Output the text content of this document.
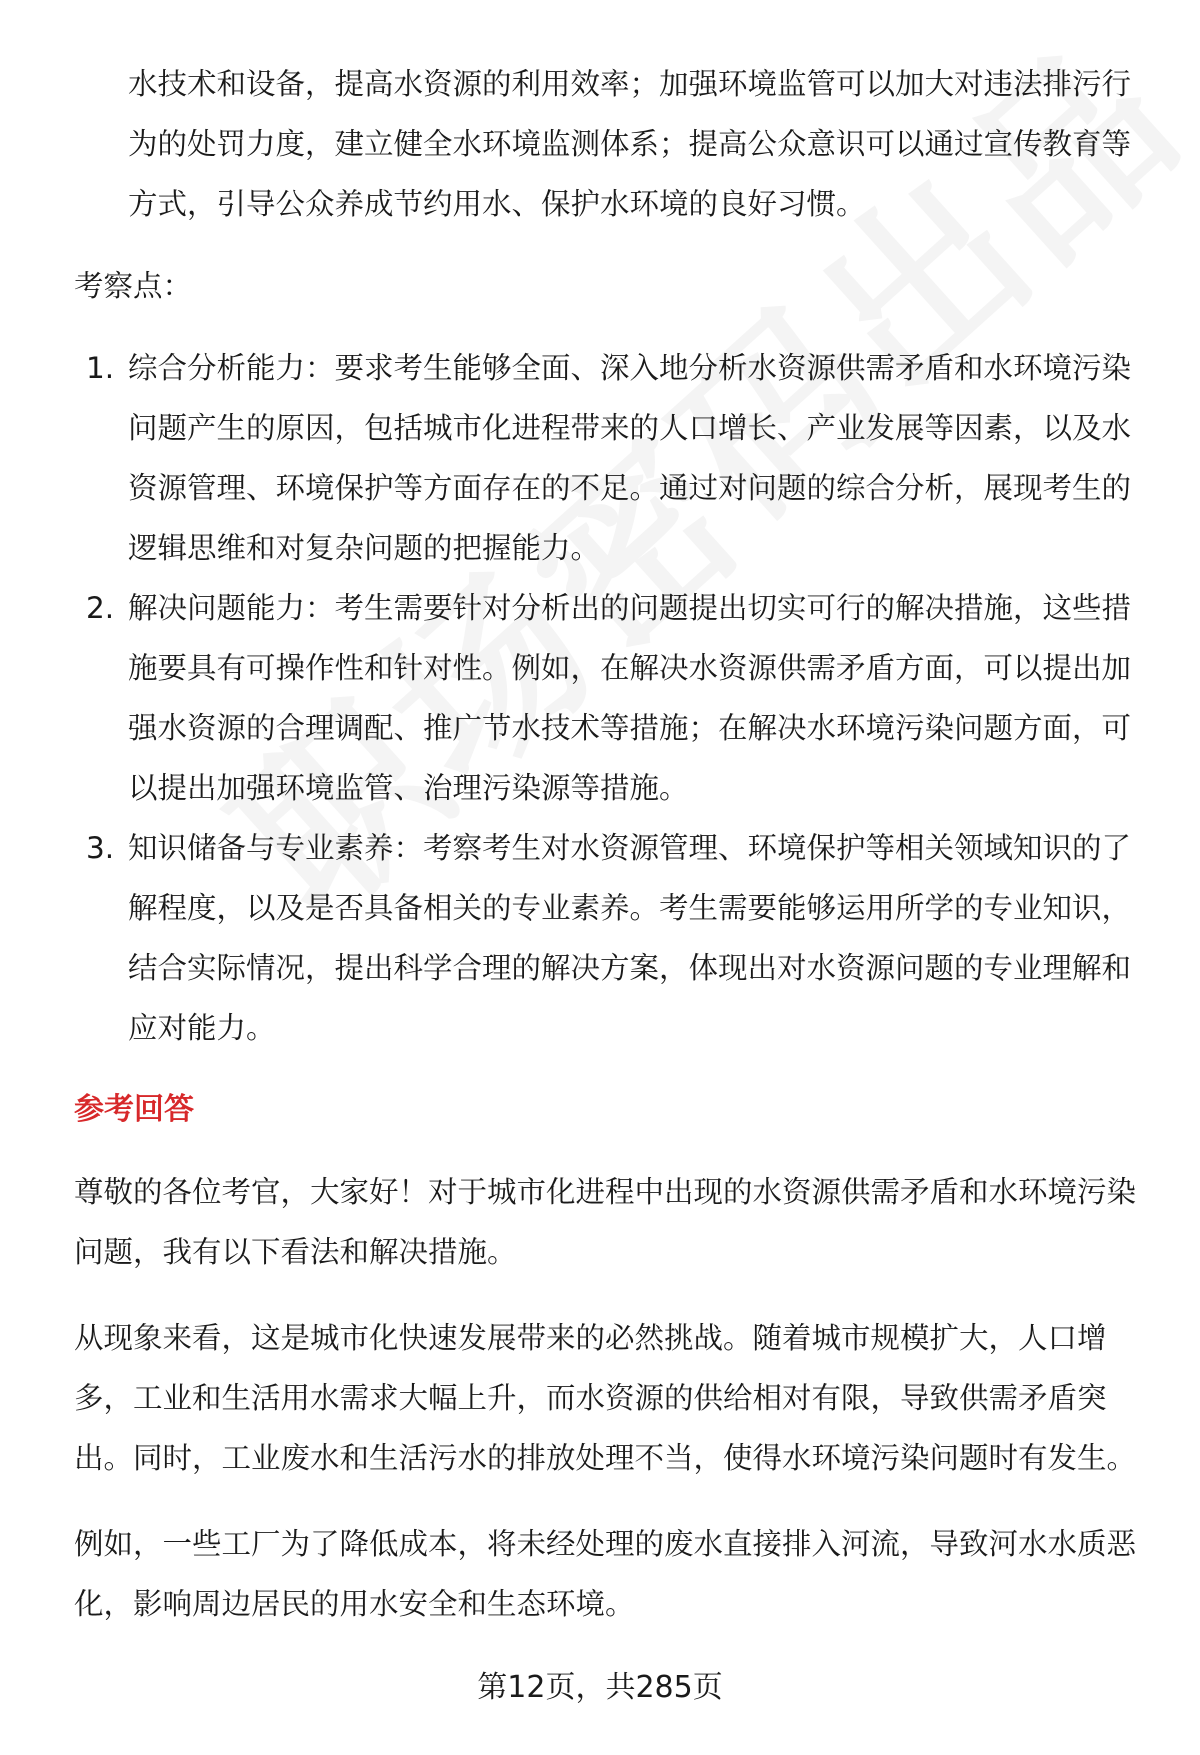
水技术和设备，提高水资源的利用效率；加强环境监管可以加大对违法排污行为的处罚力度，建立健全水环境监测体系；提高公众意识可以通过宣传教育等方式，引导公众养成节约用水、保护水环境的良好习惯。

考察点：

1. 综合分析能力：要求考生能够全面、深入地分析水资源供需矛盾和水环境污染问题产生的原因，包括城市化进程带来的人口增长、产业发展等因素，以及水资源管理、环境保护等方面存在的不足。通过对问题的综合分析，展现考生的逻辑思维和对复杂问题的把握能力。
2. 解决问题能力：考生需要针对分析出的问题提出切实可行的解决措施，这些措施要具有可操作性和针对性。例如，在解决水资源供需矛盾方面，可以提出加强水资源的合理调配、推广节水技术等措施；在解决水环境污染问题方面，可以提出加强环境监管、治理污染源等措施。
3. 知识储备与专业素养：考察考生对水资源管理、环境保护等相关领域知识的了解程度，以及是否具备相关的专业素养。考生需要能够运用所学的专业知识，结合实际情况，提出科学合理的解决方案，体现出对水资源问题的专业理解和应对能力。

参考回答

尊敬的各位考官，大家好！对于城市化进程中出现的水资源供需矛盾和水环境污染问题，我有以下看法和解决措施。

从现象来看，这是城市化快速发展带来的必然挑战。随着城市规模扩大，人口增多，工业和生活用水需求大幅上升，而水资源的供给相对有限，导致供需矛盾突出。同时，工业废水和生活污水的排放处理不当，使得水环境污染问题时有发生。

例如，一些工厂为了降低成本，将未经处理的废水直接排入河流，导致河水水质恶化，影响周边居民的用水安全和生态环境。

第12页，共285页
